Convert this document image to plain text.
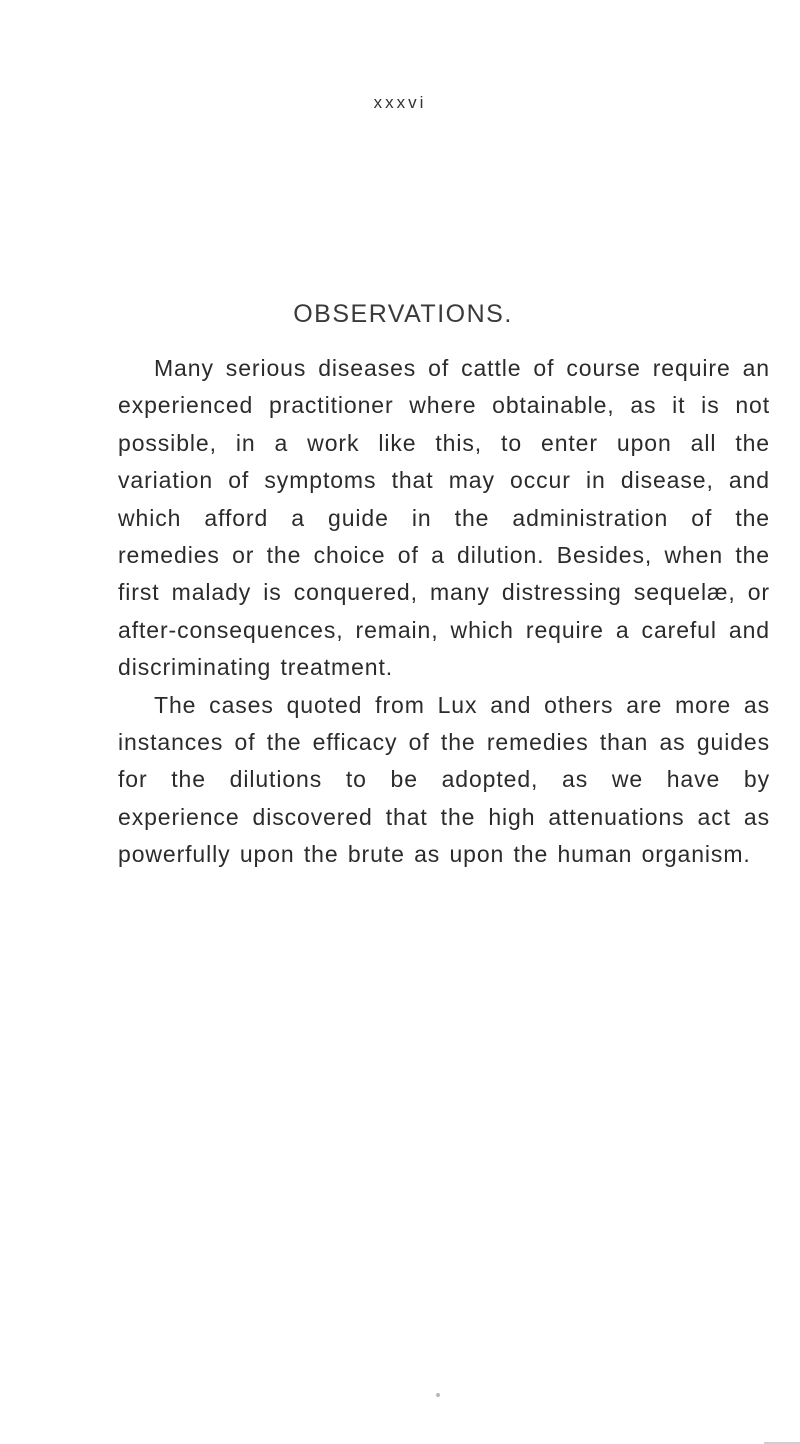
xxxvi
OBSERVATIONS.

Many serious diseases of cattle of course require an experienced practitioner where obtainable, as it is not possible, in a work like this, to enter upon all the variation of symptoms that may occur in disease, and which afford a guide in the administration of the remedies or the choice of a dilution. Besides, when the first malady is conquered, many distressing sequelæ, or after-consequences, remain, which require a careful and discriminating treatment.

The cases quoted from Lux and others are more as instances of the efficacy of the remedies than as guides for the dilutions to be adopted, as we have by experience discovered that the high attenuations act as powerfully upon the brute as upon the human organism.
